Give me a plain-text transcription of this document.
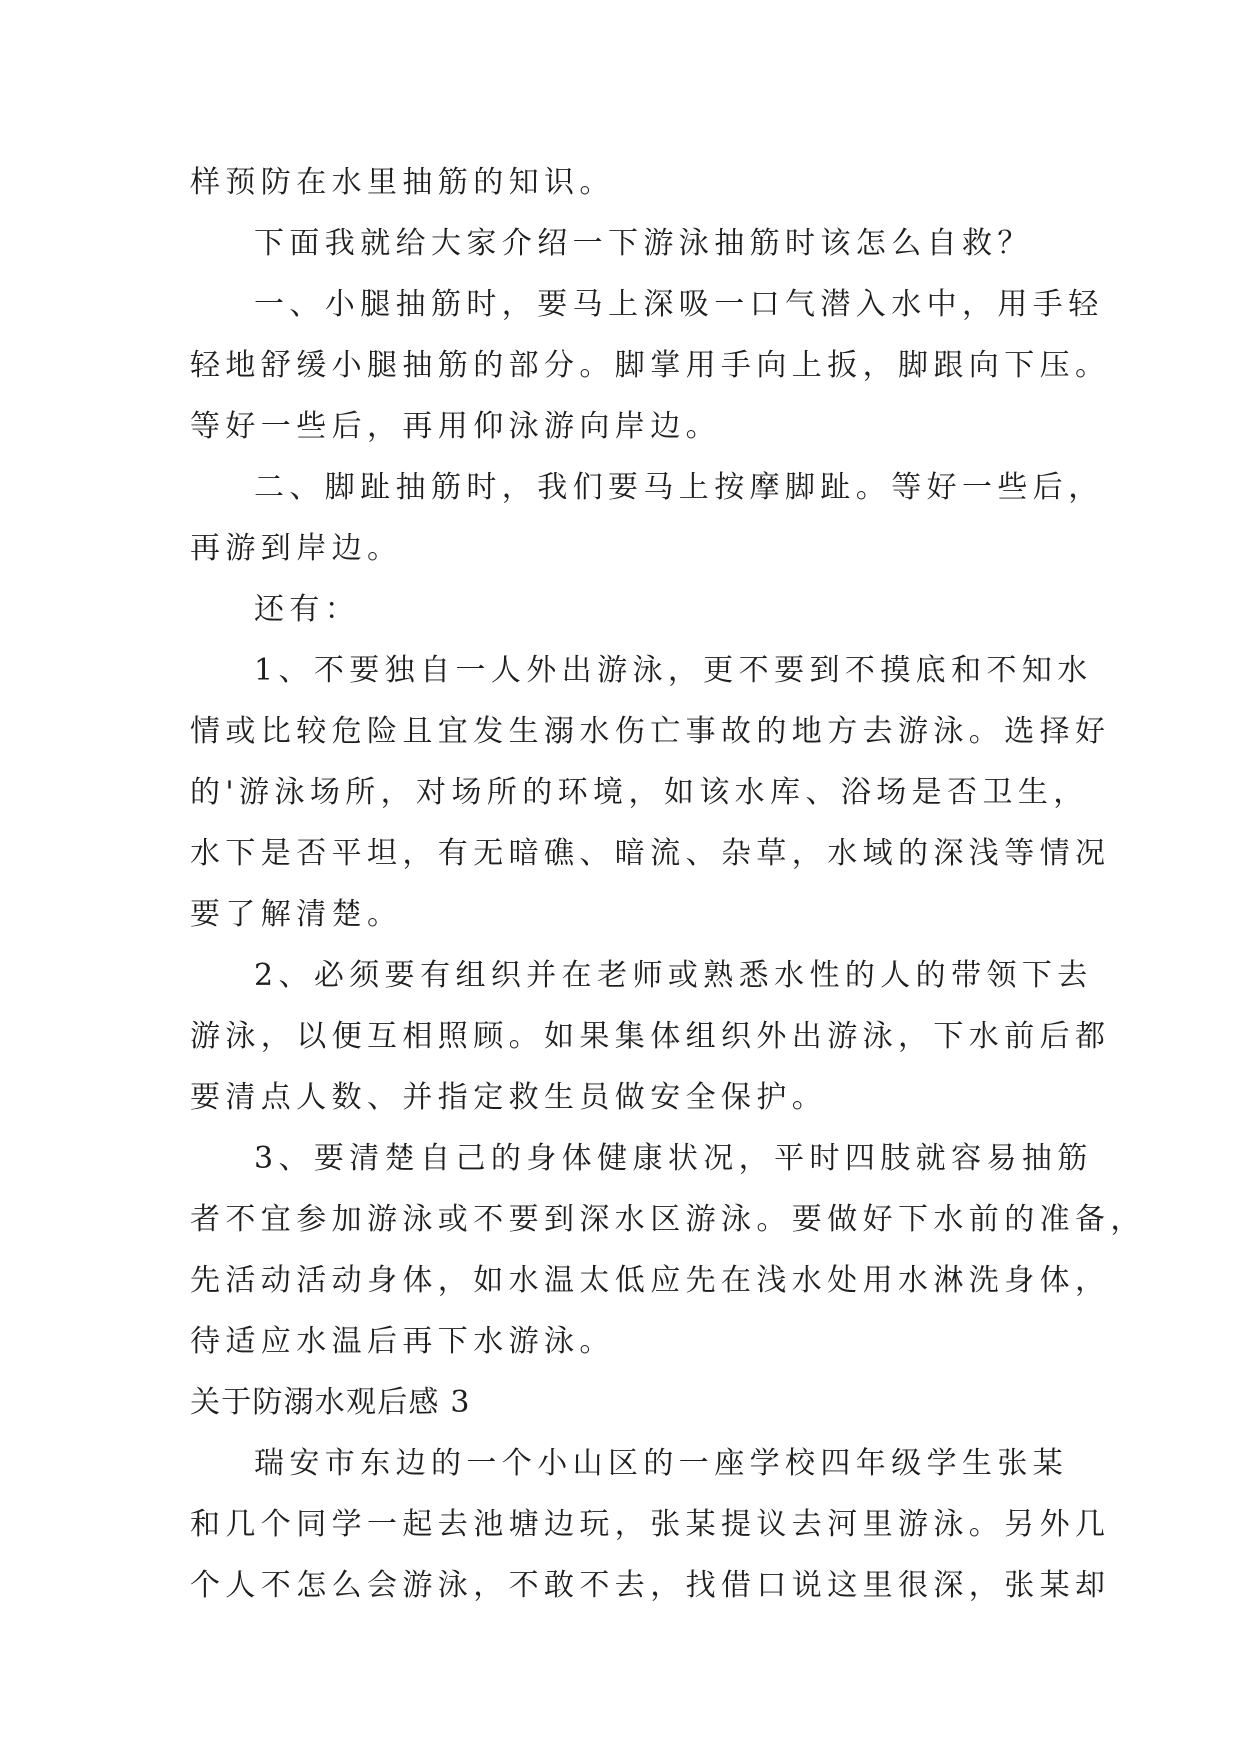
样预防在水里抽筋的知识。

下面我就给大家介绍一下游泳抽筋时该怎么自救？

一、小腿抽筋时，要马上深吸一口气潜入水中，用手轻
轻地舒缓小腿抽筋的部分。脚掌用手向上扳，脚跟向下压。
等好一些后，再用仰泳游向岸边。

二、脚趾抽筋时，我们要马上按摩脚趾。等好一些后，
再游到岸边。

还有：

1、不要独自一人外出游泳，更不要到不摸底和不知水
情或比较危险且宜发生溺水伤亡事故的地方去游泳。选择好
的'游泳场所，对场所的环境，如该水库、浴场是否卫生，
水下是否平坦，有无暗礁、暗流、杂草，水域的深浅等情况
要了解清楚。

2、必须要有组织并在老师或熟悉水性的人的带领下去
游泳，以便互相照顾。如果集体组织外出游泳，下水前后都
要清点人数、并指定救生员做安全保护。

3、要清楚自己的身体健康状况，平时四肢就容易抽筋
者不宜参加游泳或不要到深水区游泳。要做好下水前的准备，
先活动活动身体，如水温太低应先在浅水处用水淋洗身体，
待适应水温后再下水游泳。

关于防溺水观后感 3

瑞安市东边的一个小山区的一座学校四年级学生张某
和几个同学一起去池塘边玩，张某提议去河里游泳。另外几
个人不怎么会游泳，不敢不去，找借口说这里很深，张某却
